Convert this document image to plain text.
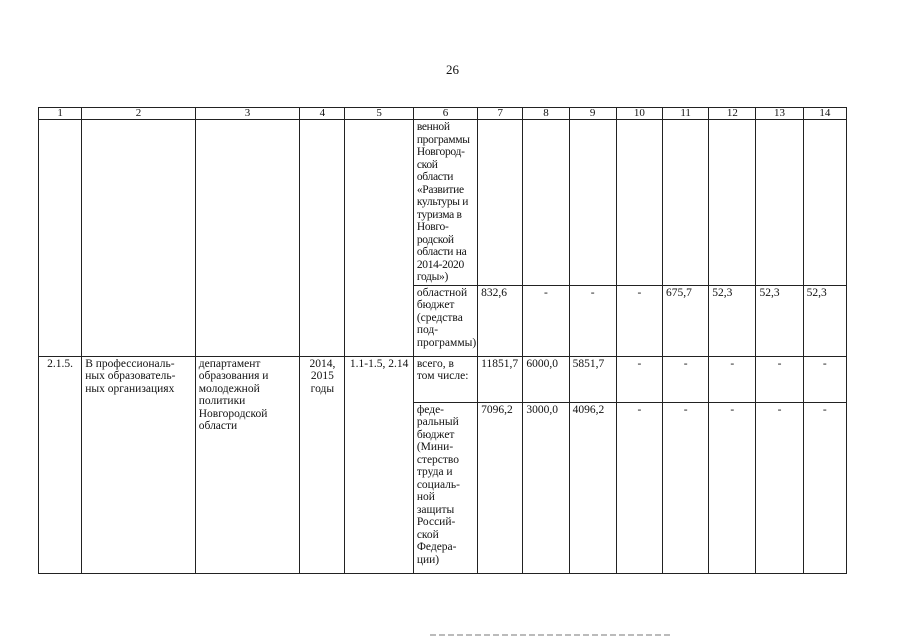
26
1	2	3	4	5	6	7	8	9	10	11	12	13	14
					венной программы Новгород-ской области «Развитие культуры и туризма в Новго-родской области на 2014-2020 годы»)								
					областной бюджет (средства под-программы)	832,6	-	-	-	675,7	52,3	52,3	52,3
2.1.5.	В профессиональ-ных образователь-ных организациях	департамент образования и молодежной политики Новгородской области	2014, 2015 годы	1.1-1.5, 2.14	всего, в том числе:	11851,7	6000,0	5851,7	-	-	-	-	-
					феде-ральный бюджет (Мини-стерство труда и социаль-ной защиты Россий-ской Федера-ции)	7096,2	3000,0	4096,2	-	-	-	-	-
